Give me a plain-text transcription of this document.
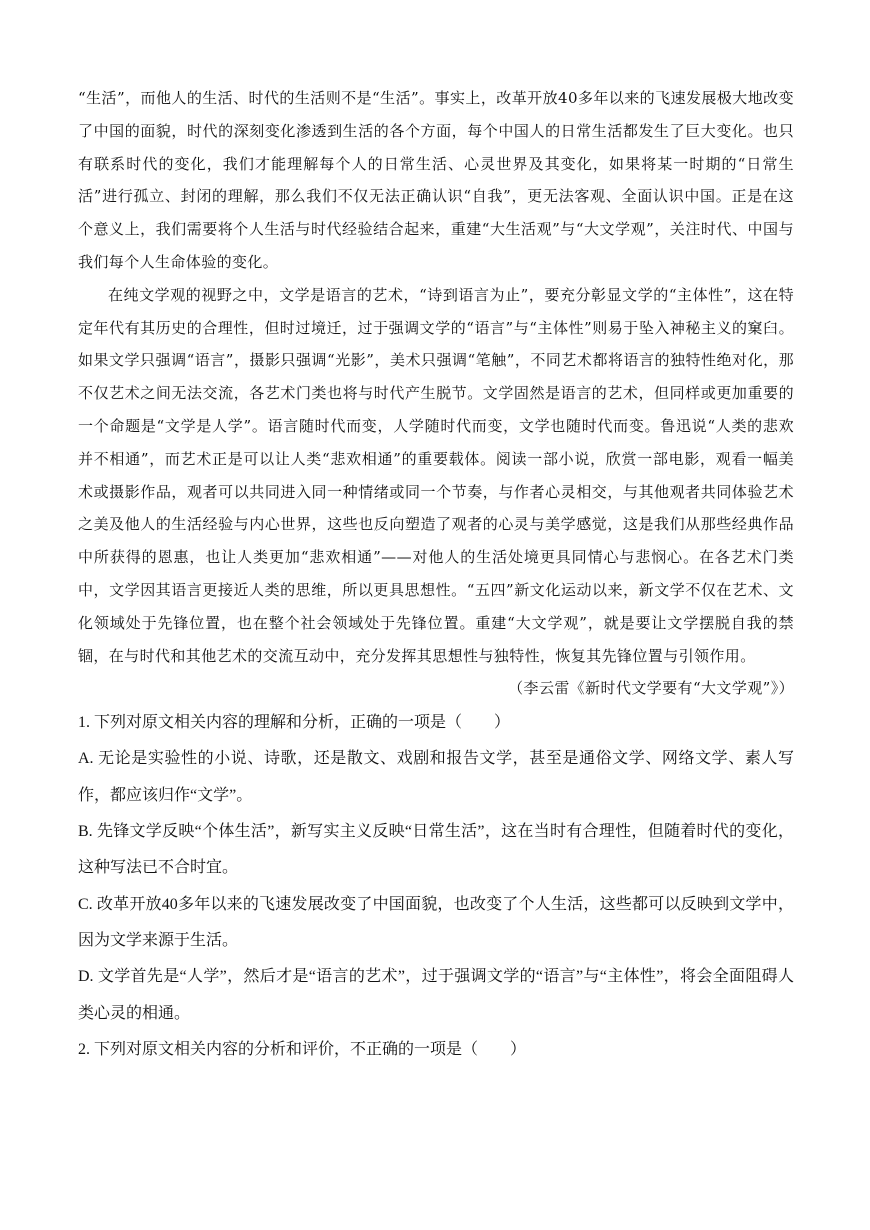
“生活”，而他人的生活、时代的生活则不是“生活”。事实上，改革开放40多年以来的飞速发展极大地改变了中国的面貌，时代的深刻变化渗透到生活的各个方面，每个中国人的日常生活都发生了巨大变化。也只有联系时代的变化，我们才能理解每个人的日常生活、心灵世界及其变化，如果将某一时期的“日常生活”进行孤立、封闭的理解，那么我们不仅无法正确认识“自我”，更无法客观、全面认识中国。正是在这个意义上，我们需要将个人生活与时代经验结合起来，重建“大生活观”与“大文学观”，关注时代、中国与我们每个人生命体验的变化。

在纯文学观的视野之中，文学是语言的艺术，“诗到语言为止”，要充分彰显文学的“主体性”，这在特定年代有其历史的合理性，但时过境迁，过于强调文学的“语言”与“主体性”则易于坠入神秘主义的窠臼。如果文学只强调“语言”，摄影只强调“光影”，美术只强调“笔触”，不同艺术都将语言的独特性绝对化，那不仅艺术之间无法交流，各艺术门类也将与时代产生脱节。文学固然是语言的艺术，但同样或更加重要的一个命题是“文学是人学”。语言随时代而变，人学随时代而变，文学也随时代而变。鲁迅说“人类的悲欢并不相通”，而艺术正是可以让人类“悲欢相通”的重要载体。阅读一部小说，欣赏一部电影，观看一幅美术或摄影作品，观者可以共同进入同一种情绪或同一个节奏，与作者心灵相交，与其他观者共同体验艺术之美及他人的生活经验与内心世界，这些也反向塑造了观者的心灵与美学感觉，这是我们从那些经典作品中所获得的恩惠，也让人类更加“悲欢相通”——对他人的生活处境更具同情心与悲悯心。在各艺术门类中，文学因其语言更接近人类的思维，所以更具思想性。“五四”新文化运动以来，新文学不仅在艺术、文化领域处于先锋位置，也在整个社会领域处于先锋位置。重建“大文学观”，就是要让文学摆脱自我的禁锢，在与时代和其他艺术的交流互动中，充分发挥其思想性与独特性，恢复其先锋位置与引领作用。

（李云雷《新时代文学要有“大文学观”》）

1. 下列对原文相关内容的理解和分析，正确的一项是（　　）

A. 无论是实验性的小说、诗歌，还是散文、戏剧和报告文学，甚至是通俗文学、网络文学、素人写作，都应该归作“文学”。

B. 先锋文学反映“个体生活”，新写实主义反映“日常生活”，这在当时有合理性，但随着时代的变化，这种写法已不合时宜。

C. 改革开放40多年以来的飞速发展改变了中国面貌，也改变了个人生活，这些都可以反映到文学中，因为文学来源于生活。

D. 文学首先是“人学”，然后才是“语言的艺术”，过于强调文学的“语言”与“主体性”，将会全面阻碍人类心灵的相通。

2. 下列对原文相关内容的分析和评价，不正确的一项是（　　）
